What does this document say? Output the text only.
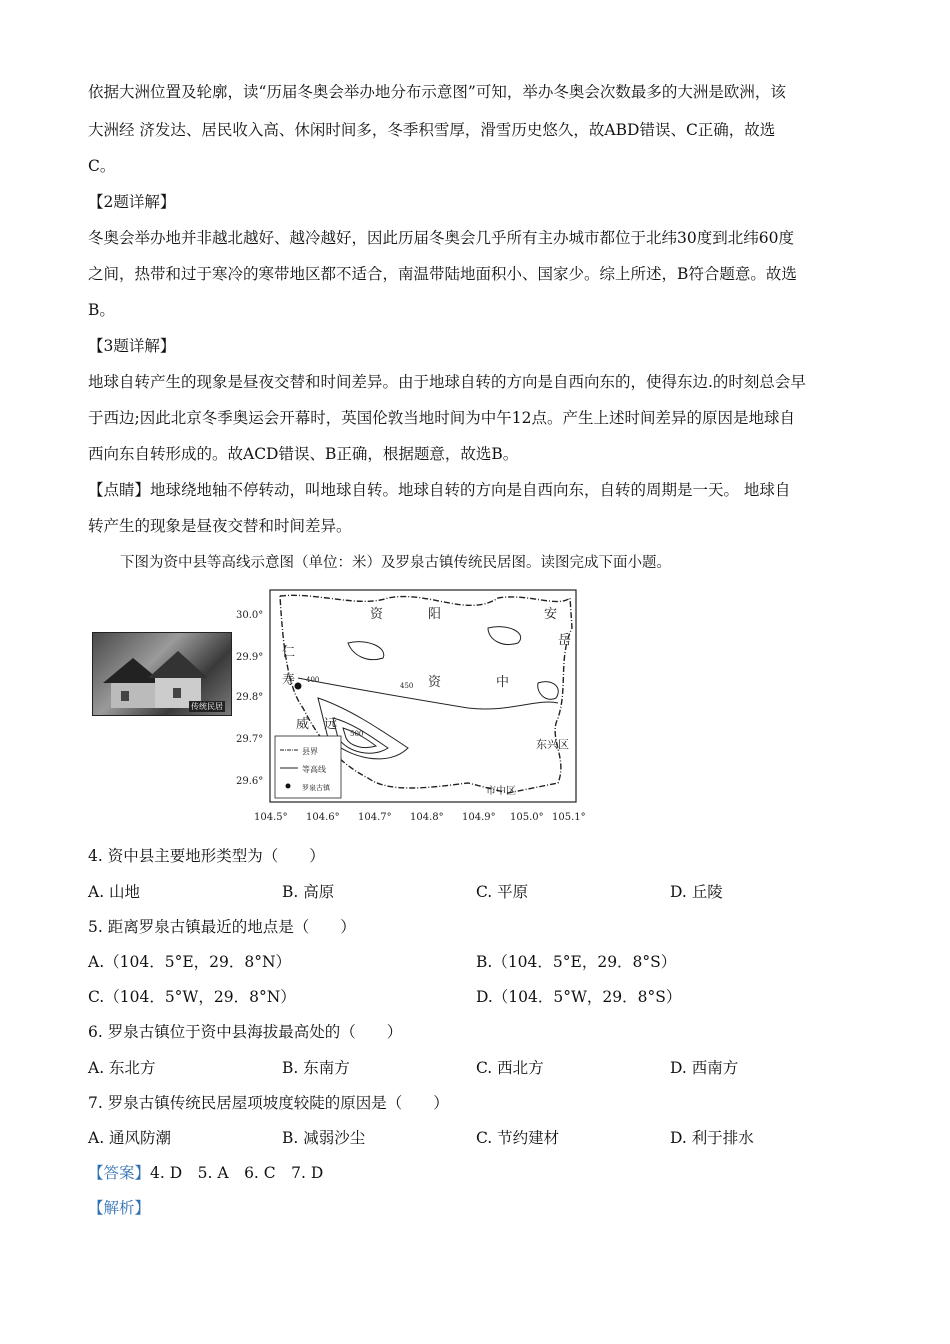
依据大洲位置及轮廓，读“历届冬奥会举办地分布示意图”可知，举办冬奥会次数最多的大洲是欧洲，该
大洲经 济发达、居民收入高、休闲时间多，冬季积雪厚，滑雪历史悠久，故ABD错误、C正确，故选
C。
【2题详解】
冬奥会举办地并非越北越好、越冷越好，因此历届冬奥会几乎所有主办城市都位于北纬30度到北纬60度
之间，热带和过于寒冷的寒带地区都不适合，南温带陆地面积小、国家少。综上所述，B符合题意。故选
B。
【3题详解】
地球自转产生的现象是昼夜交替和时间差异。由于地球自转的方向是自西向东的，使得东边.的时刻总会早
于西边;因此北京冬季奥运会开幕时，英国伦敦当地时间为中午12点。产生上述时间差异的原因是地球自
西向东自转形成的。故ACD错误、B正确，根据题意，故选B。
【点睛】地球绕地轴不停转动，叫地球自转。地球自转的方向是自西向东，自转的周期是一天。 地球自
转产生的现象是昼夜交替和时间差异。
下图为资中县等高线示意图（单位：米）及罗泉古镇传统民居图。读图完成下面小题。
传统民居
县界
等高线
罗泉古镇
400
450
500
资	阳	安
岳
仁
寿	资	中
威 远
东兴区
市中区
30.0°
29.9°
29.8°
29.7°
29.6°
104.5° 104.6° 104.7° 104.8° 104.9° 105.0° 105.1°
4. 资中县主要地形类型为（　　）
A. 山地	B. 高原	C. 平原	D. 丘陵
5. 距离罗泉古镇最近的地点是（　　）
A.（104．5°E，29．8°N）	B.（104．5°E，29．8°S）
C.（104．5°W，29．8°N）	D.（104．5°W，29．8°S）
6. 罗泉古镇位于资中县海拔最高处的（　　）
A. 东北方	B. 东南方	C. 西北方	D. 西南方
7. 罗泉古镇传统民居屋项坡度较陡的原因是（　　）
A. 通风防潮	B. 减弱沙尘	C. 节约建材	D. 利于排水
【答案】4. D　5. A　6. C　7. D
【解析】
